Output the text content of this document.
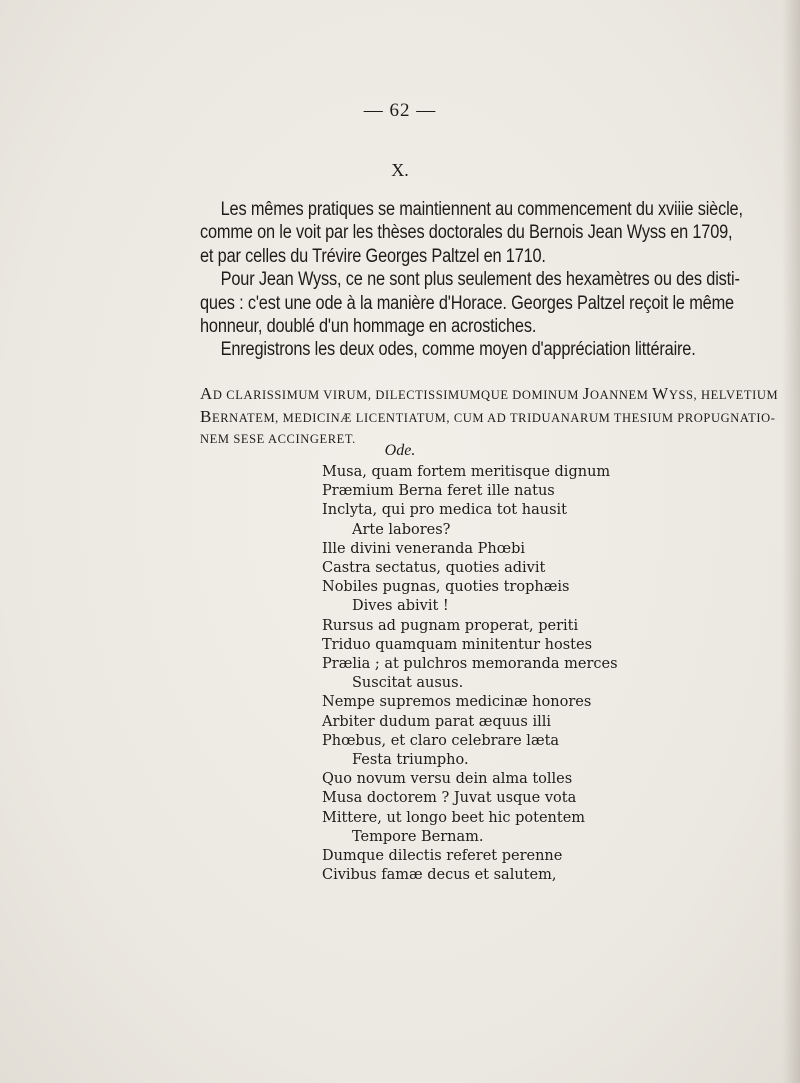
— 62 —
X.
Les mêmes pratiques se maintiennent au commencement du xviiie siècle,
comme on le voit par les thèses doctorales du Bernois Jean Wyss en 1709,
et par celles du Trévire Georges Paltzel en 1710.
Pour Jean Wyss, ce ne sont plus seulement des hexamètres ou des disti-
ques : c'est une ode à la manière d'Horace. Georges Paltzel reçoit le même
honneur, doublé d'un hommage en acrostiches.
Enregistrons les deux odes, comme moyen d'appréciation littéraire.
AD CLARISSIMUM VIRUM, DILECTISSIMUMQUE DOMINUM JOANNEM WYSS, HELVETIUM
BERNATEM, MEDICINÆ LICENTIATUM, CUM AD TRIDUANARUM THESIUM PROPUGNATIO-
NEM SESE ACCINGERET.
Ode.
Musa, quam fortem meritisque dignum
Præmium Berna feret ille natus
Inclyta, qui pro medica tot hausit
Arte labores?
Ille divini veneranda Phœbi
Castra sectatus, quoties adivit
Nobiles pugnas, quoties trophæis
Dives abivit !
Rursus ad pugnam properat, periti
Triduo quamquam minitentur hostes
Prælia ; at pulchros memoranda merces
Suscitat ausus.
Nempe supremos medicinæ honores
Arbiter dudum parat æquus illi
Phœbus, et claro celebrare læta
Festa triumpho.
Quo novum versu dein alma tolles
Musa doctorem ? Juvat usque vota
Mittere, ut longo beet hic potentem
Tempore Bernam.
Dumque dilectis referet perenne
Civibus famæ decus et salutem,
